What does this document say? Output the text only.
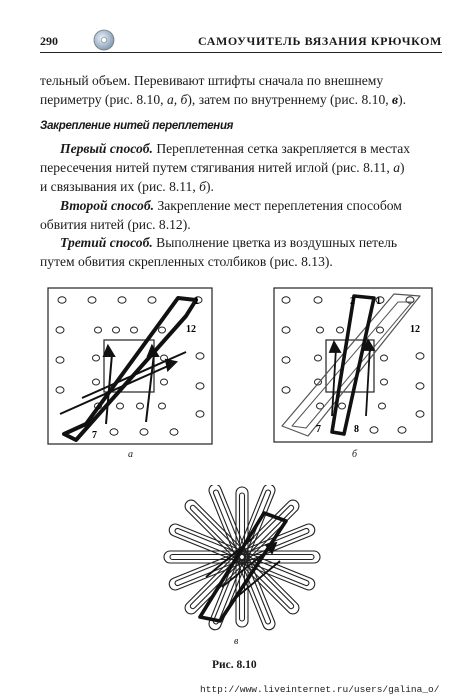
290	САМОУЧИТЕЛЬ ВЯЗАНИЯ КРЮЧКОМ
тельный объем. Перевивают штифты сначала по внешнему
периметру (рис. 8.10, а, б), затем по внутреннему (рис. 8.10, в).
Закрепление нитей переплетения
Первый способ. Переплетенная сетка закрепляется в местах
пересечения нитей путем стягивания нитей иглой (рис. 8.11, а)
и связывания их (рис. 8.11, б).
Второй способ. Закрепление мест переплетения способом
обвития нитей (рис. 8.12).
Третий способ. Выполнение цветка из воздушных петель
путем обвития скрепленных столбиков (рис. 8.13).
1
12
7
а
2 1
12
7	8
б
в
Рис. 8.10
http://www.liveinternet.ru/users/galina_o/
